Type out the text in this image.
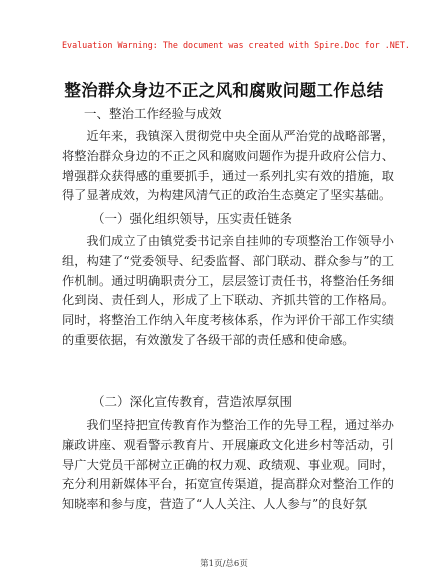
Evaluation Warning: The document was created with Spire.Doc for .NET.
整治群众身边不正之风和腐败问题工作总结
一、整治工作经验与成效
近年来，我镇深入贯彻党中央全面从严治党的战略部署，将整治群众身边的不正之风和腐败问题作为提升政府公信力、增强群众获得感的重要抓手，通过一系列扎实有效的措施，取得了显著成效，为构建风清气正的政治生态奠定了坚实基础。
（一）强化组织领导，压实责任链条
我们成立了由镇党委书记亲自挂帅的专项整治工作领导小组，构建了“党委领导、纪委监督、部门联动、群众参与”的工作机制。通过明确职责分工，层层签订责任书，将整治任务细化到岗、责任到人，形成了上下联动、齐抓共管的工作格局。同时，将整治工作纳入年度考核体系，作为评价干部工作实绩的重要依据，有效激发了各级干部的责任感和使命感。
（二）深化宣传教育，营造浓厚氛围
我们坚持把宣传教育作为整治工作的先导工程，通过举办廉政讲座、观看警示教育片、开展廉政文化进乡村等活动，引导广大党员干部树立正确的权力观、政绩观、事业观。同时，充分利用新媒体平台，拓宽宣传渠道，提高群众对整治工作的知晓率和参与度，营造了“人人关注、人人参与”的良好氛
第1页/总6页
